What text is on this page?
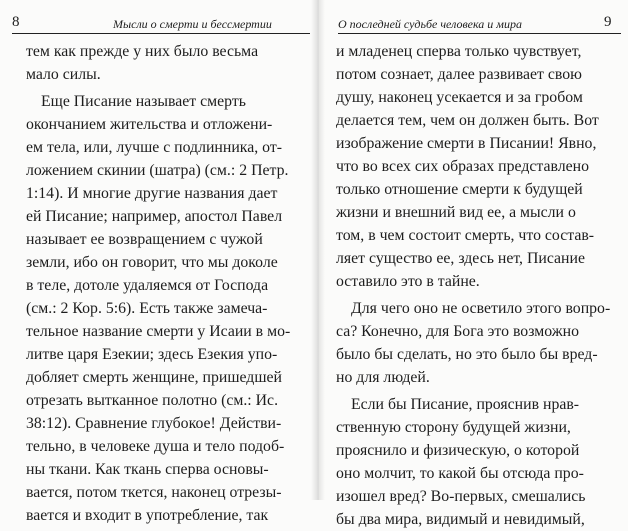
8	Мысли о смерти и бессмертии
тем как прежде у них было весьма
мало силы.
Еще Писание называет смерть
окончанием жительства и отложени-
ем тела, или, лучше с подлинника, от-
ложением скинии (шатра) (см.: 2 Петр.
1:14). И многие другие названия дает
ей Писание; например, апостол Павел
называет ее возвращением с чужой
земли, ибо он говорит, что мы доколе
в теле, дотоле удаляемся от Господа
(см.: 2 Кор. 5:6). Есть также замеча-
тельное название смерти у Исаии в мо-
литве царя Езекии; здесь Езекия упо-
добляет смерть женщине, пришедшей
отрезать вытканное полотно (см.: Ис.
38:12). Сравнение глубокое! Действи-
тельно, в человеке душа и тело подоб-
ны ткани. Как ткань сперва основы-
вается, потом ткется, наконец отрезы-
вается и входит в употребление, так
О последней судьбе человека и мира	9
и младенец сперва только чувствует,
потом сознает, далее развивает свою
душу, наконец усекается и за гробом
делается тем, чем он должен быть. Вот
изображение смерти в Писании! Явно,
что во всех сих образах представлено
только отношение смерти к будущей
жизни и внешний вид ее, а мысли о
том, в чем состоит смерть, что состав-
ляет существо ее, здесь нет, Писание
оставило это в тайне.
Для чего оно не осветило этого вопро-
са? Конечно, для Бога это возможно
было бы сделать, но это было бы вред-
но для людей.
Если бы Писание, прояснив нрав-
ственную сторону будущей жизни,
прояснило и физическую, о которой
оно молчит, то какой бы отсюда про-
изошел вред? Во-первых, смешались
бы два мира, видимый и невидимый,
